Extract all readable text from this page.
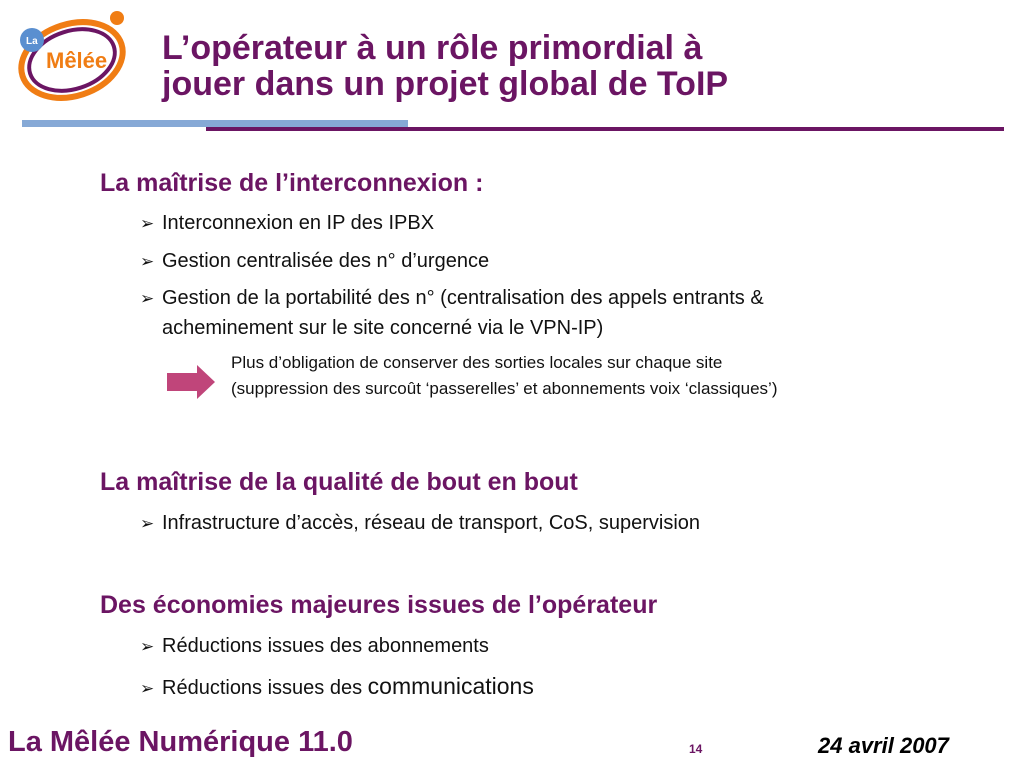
La
Mêlée L’opérateur à un rôle primordial à
jouer dans un projet global de ToIP
La maîtrise de l’interconnexion :
➢ Interconnexion en IP des IPBX
➢ Gestion centralisée des n° d’urgence
➢ Gestion de la portabilité des n° (centralisation des appels entrants &
acheminement sur le site concerné via le VPN-IP)
Plus d’obligation de conserver des sorties locales sur chaque site
(suppression des surcoût ‘passerelles’ et abonnements voix ‘classiques’)
La maîtrise de la qualité de bout en bout
➢ Infrastructure d’accès, réseau de transport, CoS, supervision
Des économies majeures issues de l’opérateur
➢ Réductions issues des abonnements
➢ Réductions issues des communications
La Mêlée Numérique 11.0	14	24 avril 2007
